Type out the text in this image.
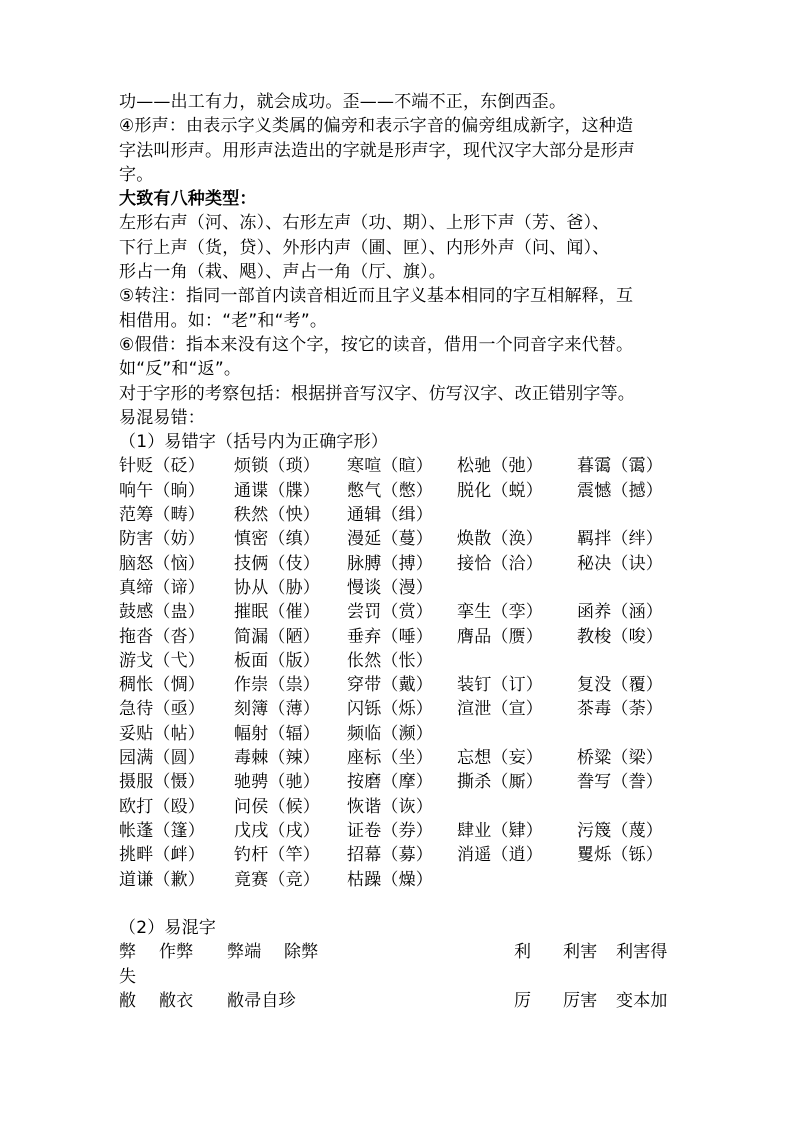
功——出工有力，就会成功。歪——不端不正，东倒西歪。
④形声：由表示字义类属的偏旁和表示字音的偏旁组成新字，这种造
字法叫形声。用形声法造出的字就是形声字，现代汉字大部分是形声
字。
大致有八种类型：
左形右声（河、冻）、右形左声（功、期）、上形下声（芳、爸）、
下行上声（货，贷）、外形内声（圃、匣）、内形外声（问、闻）、
形占一角（栽、飓）、声占一角（厅、旗）。
⑤转注：指同一部首内读音相近而且字义基本相同的字互相解释，互
相借用。如：“老”和“考”。
⑥假借：指本来没有这个字，按它的读音，借用一个同音字来代替。
如“反”和“返”。
对于字形的考察包括：根据拼音写汉字、仿写汉字、改正错别字等。
易混易错：
（1）易错字（括号内为正确字形）
针贬（砭） 烦锁（琐） 寒喧（暄） 松驰（弛） 暮霭（霭）
响午（晌） 通谍（牒） 憋气（憋） 脱化（蜕） 震憾（撼）
范筹（畴） 秩然（怏） 通辑（缉）
防害（妨） 慎密（缜） 漫延（蔓） 焕散（涣） 羁拌（绊）
脑怒（恼） 技俩（伎） 脉膊（搏） 接恰（洽） 秘决（诀）
真缔（谛） 协从（胁） 慢谈（漫）
鼓感（蛊） 摧眠（催） 尝罚（赏） 挛生（孪） 函养（涵）
拖沓（沓） 简漏（陋） 垂弃（唾） 膺品（赝） 教梭（唆）
游戈（弋） 板面（版） 伥然（怅）
稠怅（惆） 作崇（祟） 穿带（戴） 装钉（订） 复没（覆）
急待（亟） 刻簿（薄） 闪铄（烁） 渲泄（宣） 茶毒（荼）
妥贴（帖） 幅射（辐） 频临（濒）
园满（圆） 毒棘（辣） 座标（坐） 忘想（妄） 桥粱（梁）
摄服（慑） 驰骋（驰） 按磨（摩） 撕杀（厮） 誊写（誊）
欧打（殴） 问侯（候） 恢谐（诙）
帐蓬（篷） 戊戌（戌） 证卷（券） 肆业（肄） 污篾（蔑）
挑畔（衅） 钓杆（竿） 招幕（募） 消遥（逍） 矍烁（铄）
道谦（歉） 竟赛（竞） 枯躁（燥）
（2）易混字
弊 作弊 弊端 除弊	利 利害 利害得
失
敝 敝衣 敝帚自珍	厉 厉害 变本加
